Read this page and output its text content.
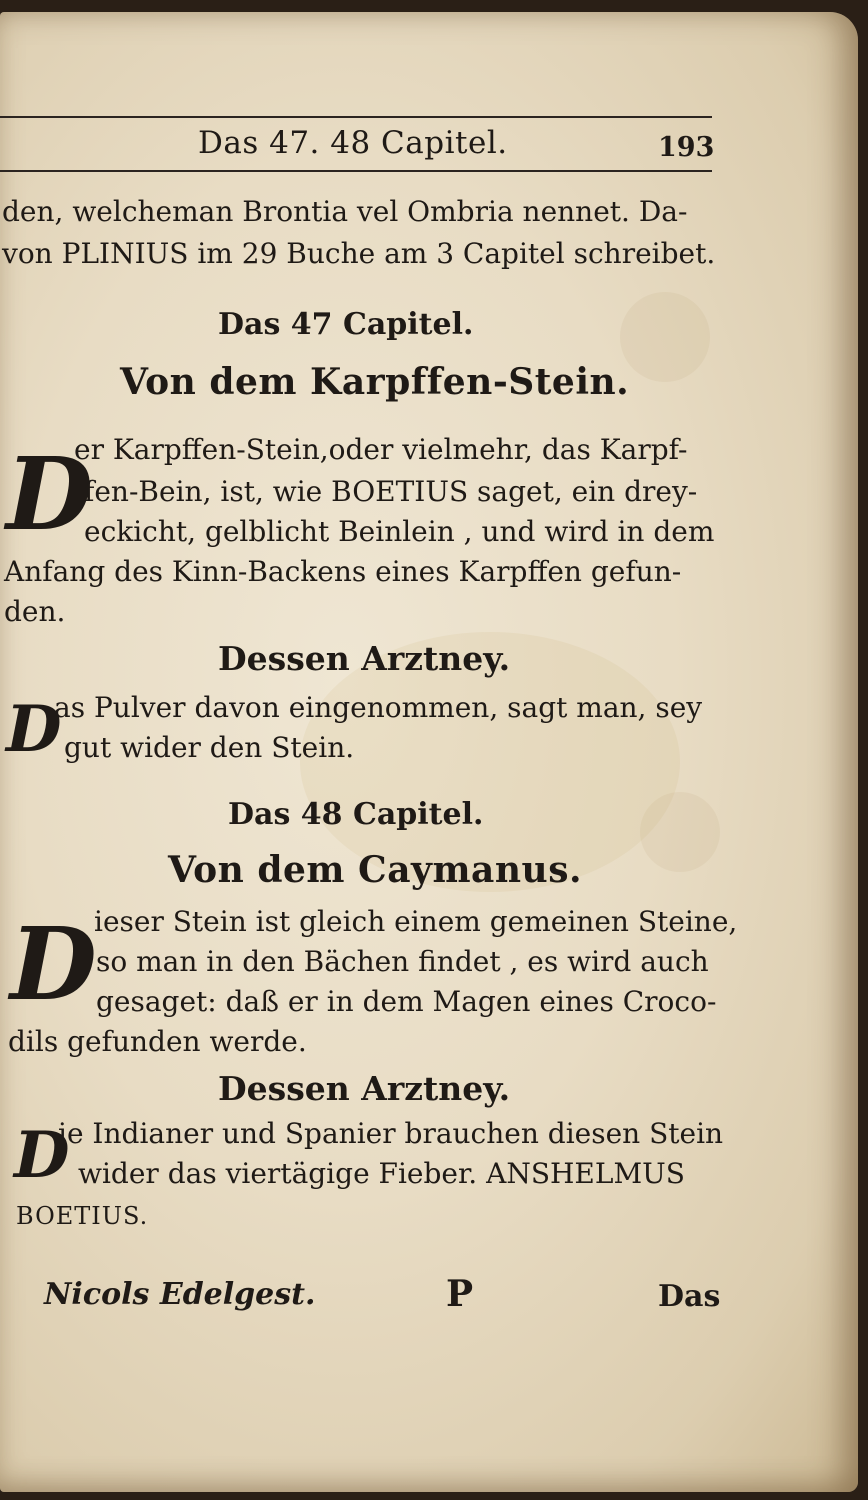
Das 47. 48 Capitel.	193
den, welcheman Brontia vel Ombria nennet. Da-
von PLINIUS im 29 Buche am 3 Capitel schreibet.
Das 47 Capitel.
Von dem Karpffen-Stein.
D
er Karpffen-Stein,oder vielmehr, das Karpf-
fen-Bein, ist, wie BOETIUS saget, ein drey-
eckicht, gelblicht Beinlein , und wird in dem
Anfang des Kinn-Backens eines Karpffen gefun-
den.
Dessen Arztney.
D
as Pulver davon eingenommen, sagt man, sey
gut wider den Stein.
Das 48 Capitel.
Von dem Caymanus.
D
ieser Stein ist gleich einem gemeinen Steine,
so man in den Bächen findet , es wird auch
gesaget: daß er in dem Magen eines Croco-
dils gefunden werde.
Dessen Arztney.
D
ie Indianer und Spanier brauchen diesen Stein
wider das viertägige Fieber. ANSHELMUS
BOETIUS.
Nicols Edelgest.	P	Das
